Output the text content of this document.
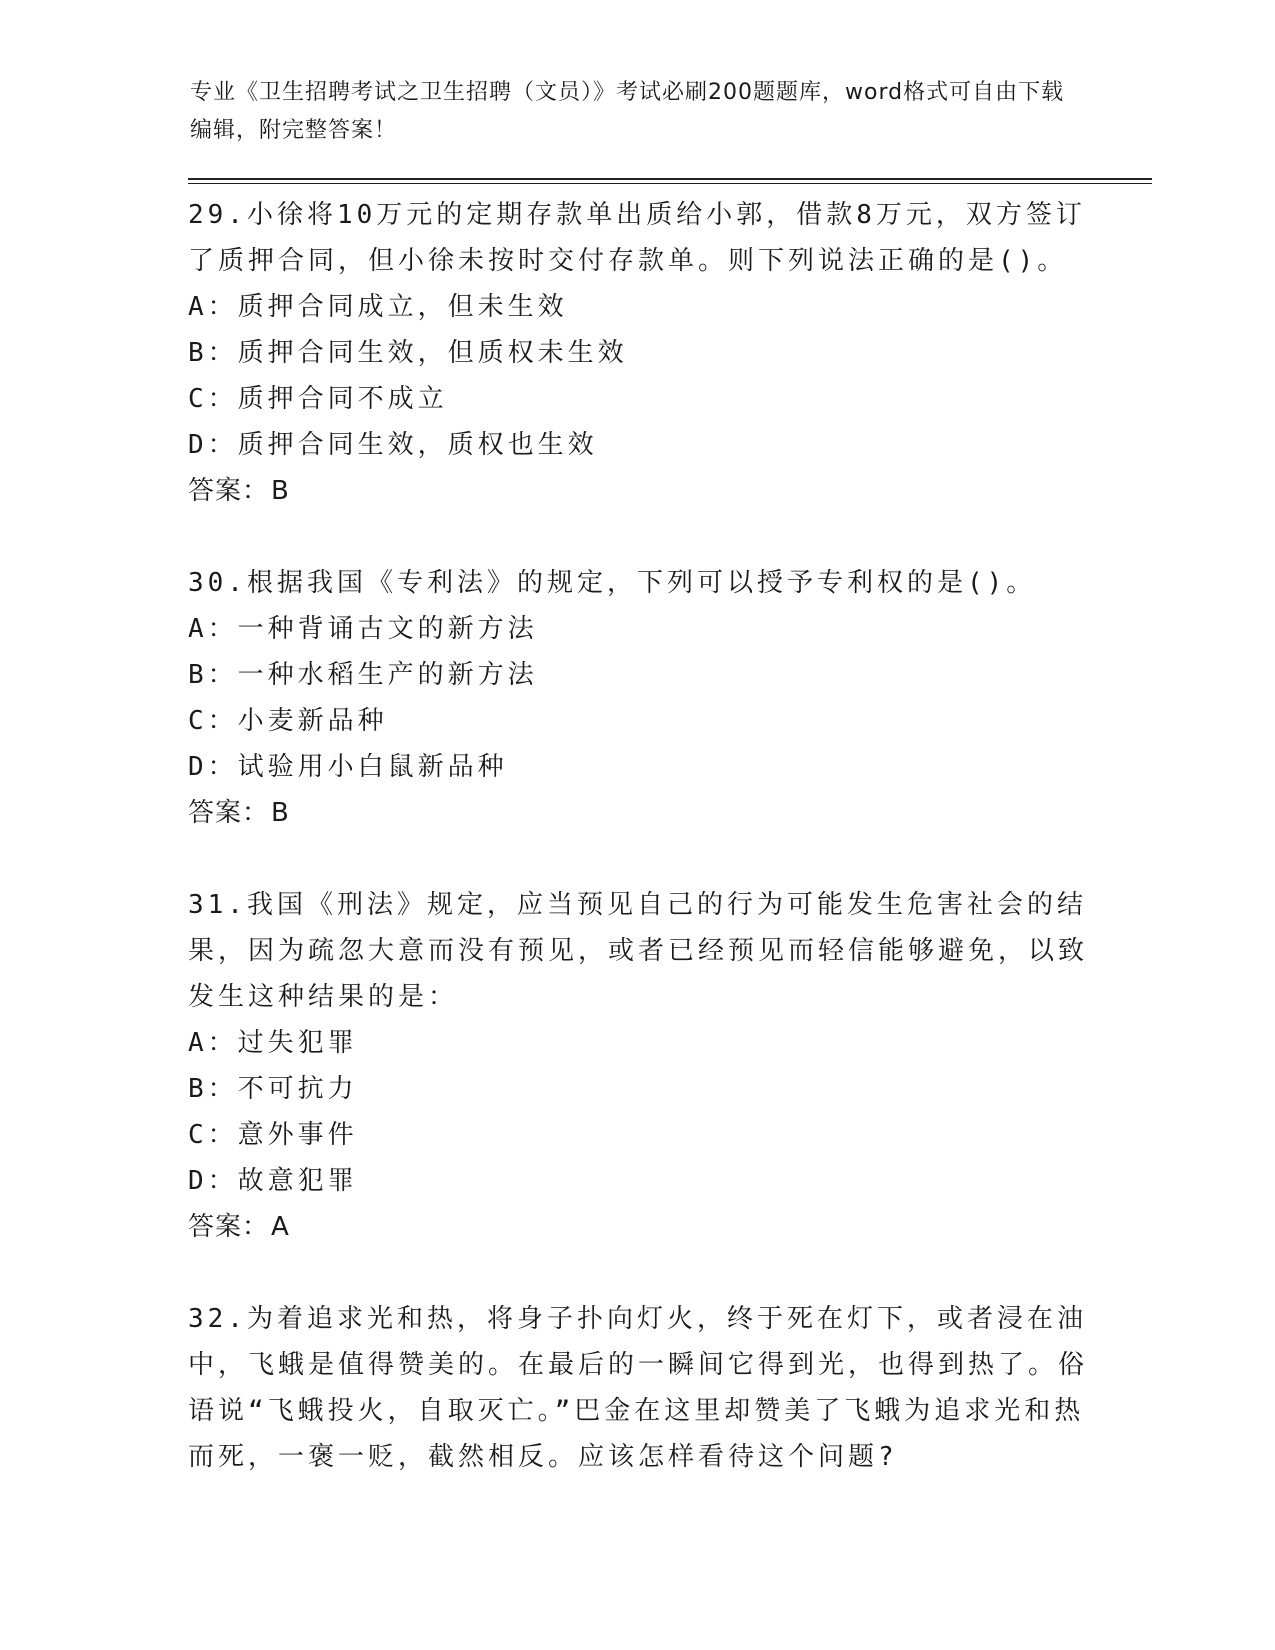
专业《卫生招聘考试之卫生招聘（文员）》考试必刷200题题库，word格式可自由下载编辑，附完整答案！

29.小徐将10万元的定期存款单出质给小郭，借款8万元，双方签订了质押合同，但小徐未按时交付存款单。则下列说法正确的是()。

A：质押合同成立，但未生效

B：质押合同生效，但质权未生效

C：质押合同不成立

D：质押合同生效，质权也生效

答案：B

30.根据我国《专利法》的规定，下列可以授予专利权的是()。

A：一种背诵古文的新方法

B：一种水稻生产的新方法

C：小麦新品种

D：试验用小白鼠新品种

答案：B

31.我国《刑法》规定，应当预见自己的行为可能发生危害社会的结果，因为疏忽大意而没有预见，或者已经预见而轻信能够避免，以致发生这种结果的是：

A：过失犯罪

B：不可抗力

C：意外事件

D：故意犯罪

答案：A

32.为着追求光和热，将身子扑向灯火，终于死在灯下，或者浸在油中，飞蛾是值得赞美的。在最后的一瞬间它得到光，也得到热了。俗语说“飞蛾投火，自取灭亡。”巴金在这里却赞美了飞蛾为追求光和热而死，一褒一贬，截然相反。应该怎样看待这个问题?
